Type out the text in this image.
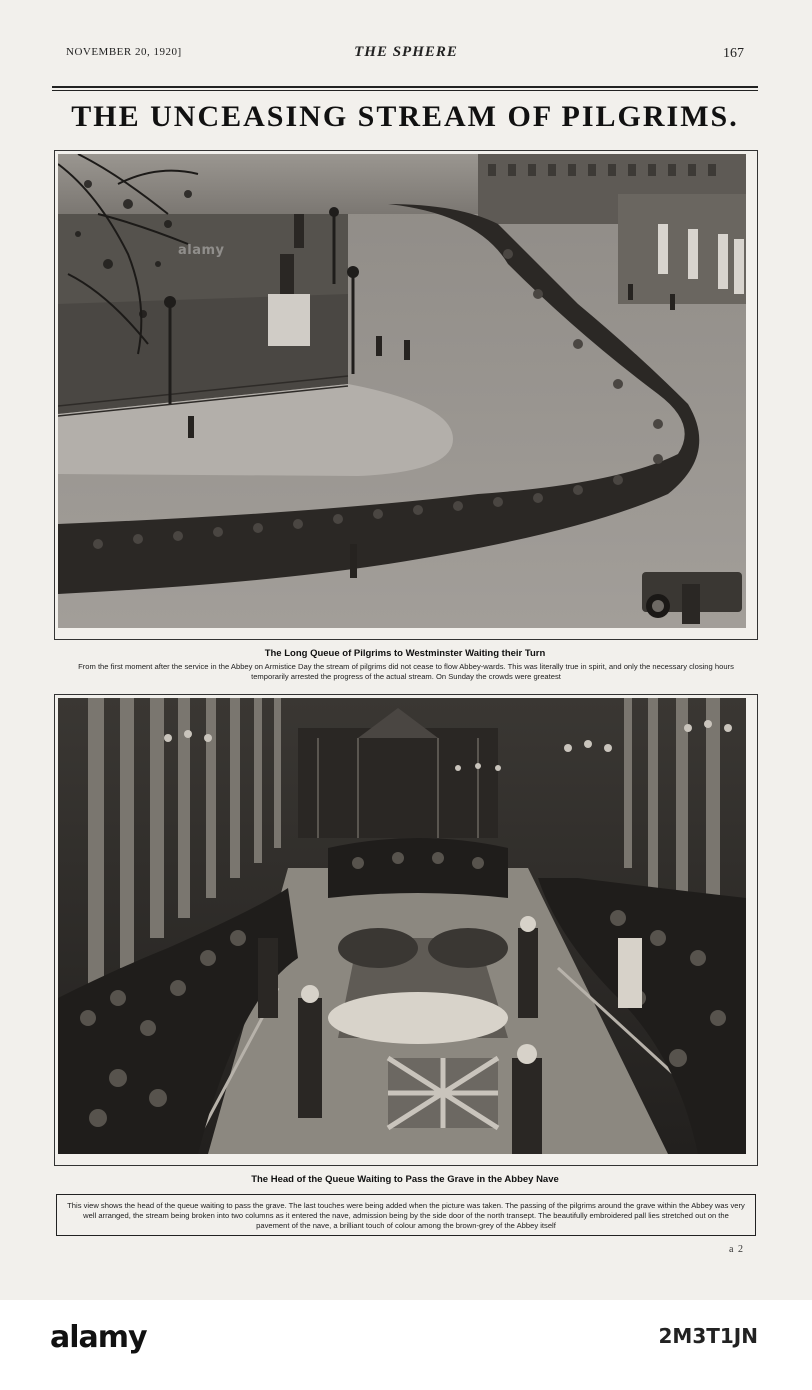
NOVEMBER 20, 1920]	THE SPHERE	167
THE UNCEASING STREAM OF PILGRIMS.
alamy
The Long Queue of Pilgrims to Westminster Waiting their Turn
From the first moment after the service in the Abbey on Armistice Day the stream of pilgrims did not cease to flow Abbey-wards. This was literally true in spirit, and only the necessary closing hours temporarily arrested the progress of the actual stream. On Sunday the crowds were greatest
The Head of the Queue Waiting to Pass the Grave in the Abbey Nave
This view shows the head of the queue waiting to pass the grave. The last touches were being added when the picture was taken. The passing of the pilgrims around the grave within the Abbey was very well arranged, the stream being broken into two columns as it entered the nave, admission being by the side door of the north transept. The beautifully embroidered pall lies stretched out on the pavement of the nave, a brilliant touch of colour among the brown-grey of the Abbey itself
a 2
alamy	2M3T1JN
